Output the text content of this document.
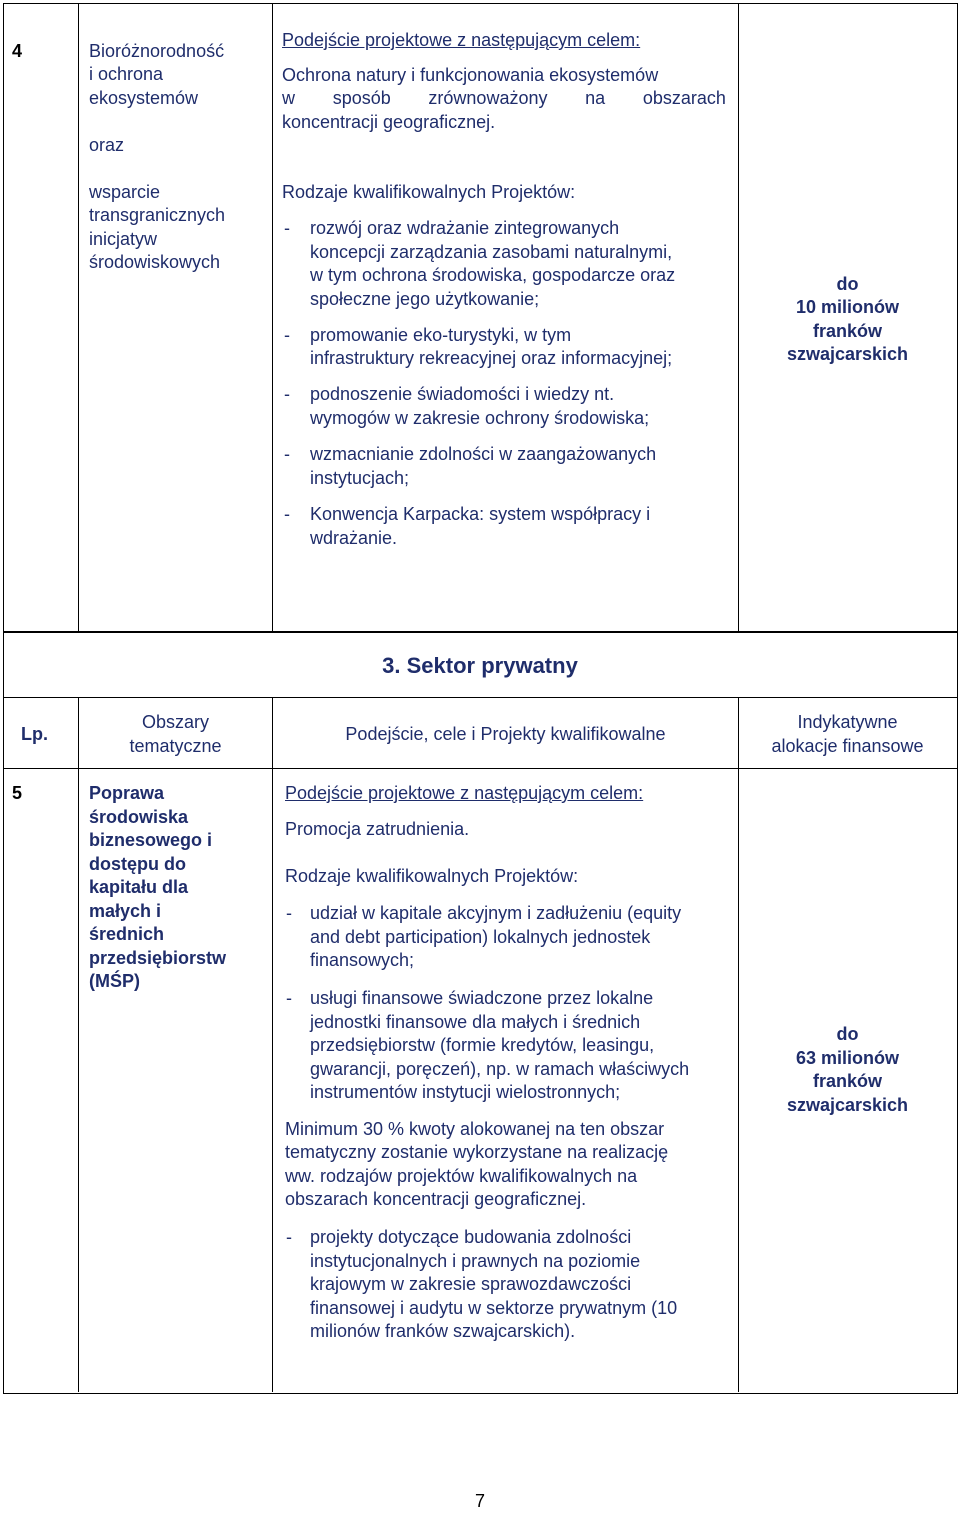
4	Bioróżnorodność
i ochrona
ekosystemów
oraz
wsparcie
transgranicznych
inicjatyw
środowiskowych
Podejście projektowe z następującym celem:
Ochrona natury i funkcjonowania ekosystemów
w sposób zrównoważony na obszarach
koncentracji geograficznej.
Rodzaje kwalifikowalnych Projektów:
- rozwój oraz wdrażanie zintegrowanych
koncepcji zarządzania zasobami naturalnymi,
w tym ochrona środowiska, gospodarcze oraz
społeczne jego użytkowanie;
- promowanie eko-turystyki, w tym
infrastruktury rekreacyjnej oraz informacyjnej;
- podnoszenie świadomości i wiedzy nt.
wymogów w zakresie ochrony środowiska;
- wzmacnianie zdolności w zaangażowanych
instytucjach;
- Konwencja Karpacka: system współpracy i
wdrażanie.
do
10 milionów
franków
szwajcarskich
3. Sektor prywatny
Lp.
Obszary
tematyczne
Podejście, cele i Projekty kwalifikowalne
Indykatywne
alokacje finansowe
5	Poprawa
środowiska
biznesowego i
dostępu do
kapitału dla
małych i
średnich
przedsiębiorstw
(MŚP)
Podejście projektowe z następującym celem:
Promocja zatrudnienia.
Rodzaje kwalifikowalnych Projektów:
- udział w kapitale akcyjnym i zadłużeniu (equity
and debt participation) lokalnych jednostek
finansowych;
- usługi finansowe świadczone przez lokalne
jednostki finansowe dla małych i średnich
przedsiębiorstw (formie kredytów, leasingu,
gwarancji, poręczeń), np. w ramach właściwych
instrumentów instytucji wielostronnych;
Minimum 30 % kwoty alokowanej na ten obszar
tematyczny zostanie wykorzystane na realizację
ww. rodzajów projektów kwalifikowalnych na
obszarach koncentracji geograficznej.
- projekty dotyczące budowania zdolności
instytucjonalnych i prawnych na poziomie
krajowym w zakresie sprawozdawczości
finansowej i audytu w sektorze prywatnym (10
milionów franków szwajcarskich).
do
63 milionów
franków
szwajcarskich
7
